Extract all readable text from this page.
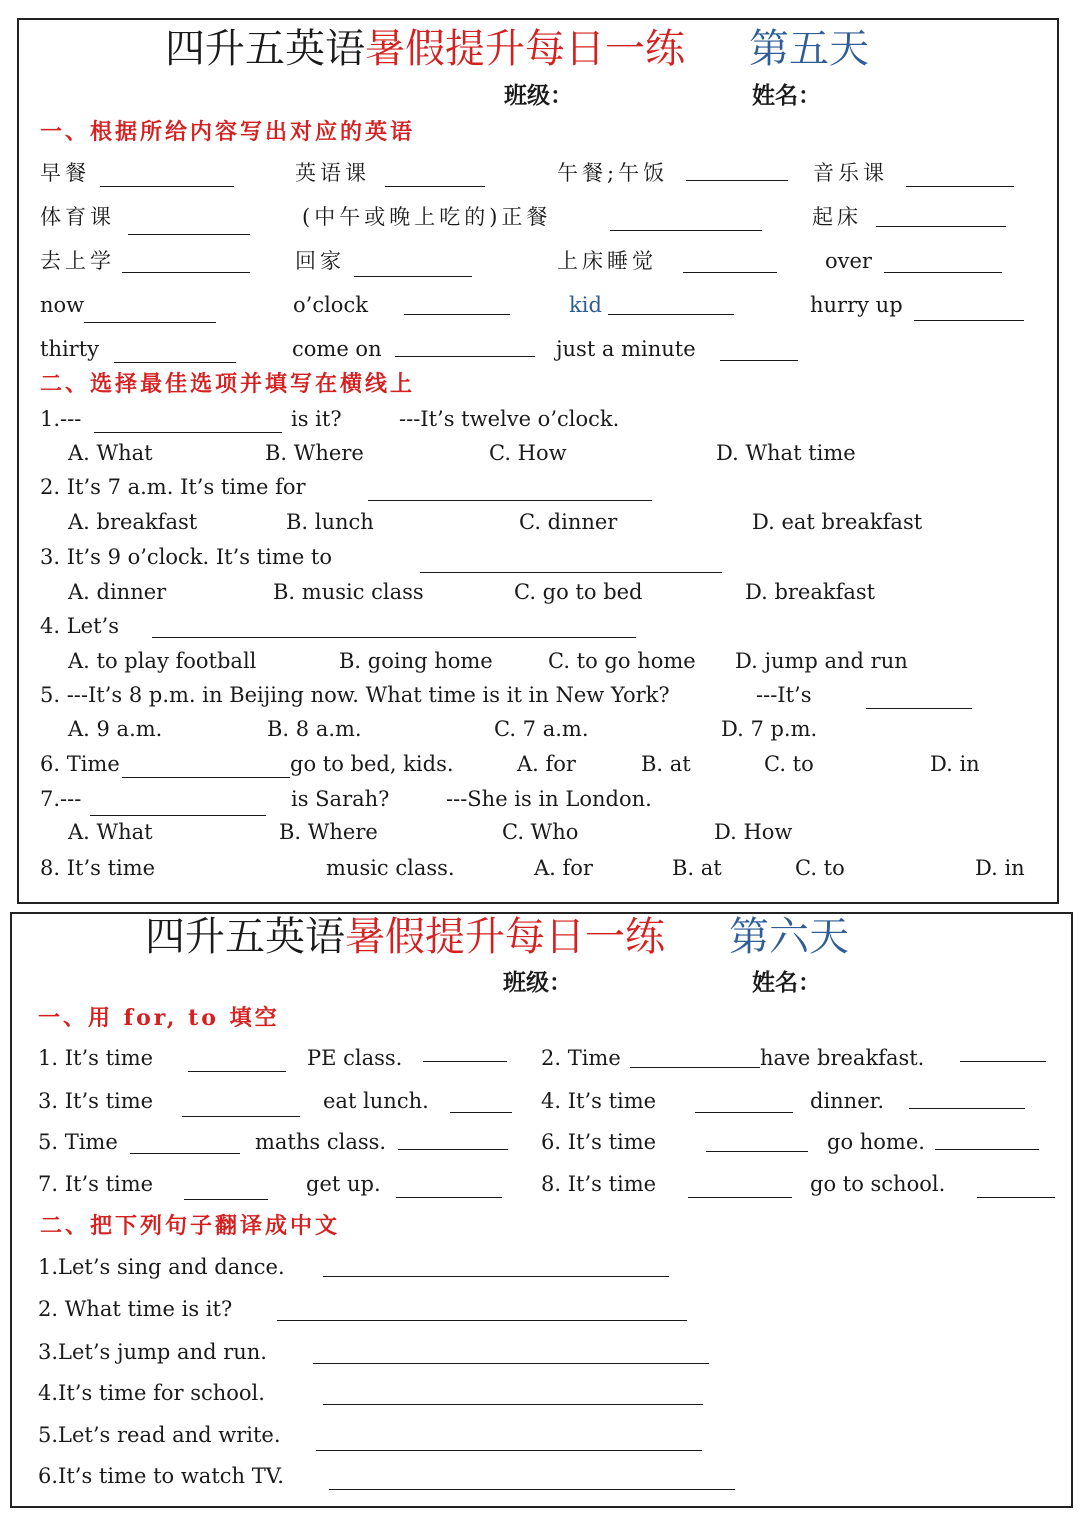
四升五英语暑假提升每日一练 第五天
班级：	姓名：
一、根据所给内容写出对应的英语
早餐	英语课	午餐;午饭	音乐课
体育课	(中午或晚上吃的)正餐	起床
去上学	回家	上床睡觉	over
now	o’clock	kid	hurry up
thirty	come on	just a minute
二、选择最佳选项并填写在横线上
1.---	is it?	---It’s twelve o’clock.
A. What	B. Where	C. How	D. What time
2. It’s 7 a.m. It’s time for
A. breakfast	B. lunch	C. dinner	D. eat breakfast
3. It’s 9 o’clock. It’s time to
A. dinner	B. music class	C. go to bed	D. breakfast
4. Let’s
A. to play football	B. going home	C. to go home D. jump and run
5. ---It’s 8 p.m. in Beijing now. What time is it in New York?	---It’s
A. 9 a.m.	B. 8 a.m.	C. 7 a.m.	D. 7 p.m.
6. Time	go to bed, kids.	A. for	B. at	C. to	D. in
7.---	is Sarah?	---She is in London.
A. What	B. Where	C. Who	D. How
8. It’s time	music class.	A. for	B. at	C. to	D. in
四升五英语暑假提升每日一练 第六天
班级：	姓名：
一、用 for, to 填空
1. It’s time	PE class.	2. Time	have breakfast.
3. It’s time	eat lunch.	4. It’s time	dinner.
5. Time	maths class.	6. It’s time	go home.
7. It’s time	get up.	8. It’s time	go to school.
二、把下列句子翻译成中文
1.Let’s sing and dance.
2. What time is it?
3.Let’s jump and run.
4.It’s time for school.
5.Let’s read and write.
6.It’s time to watch TV.
